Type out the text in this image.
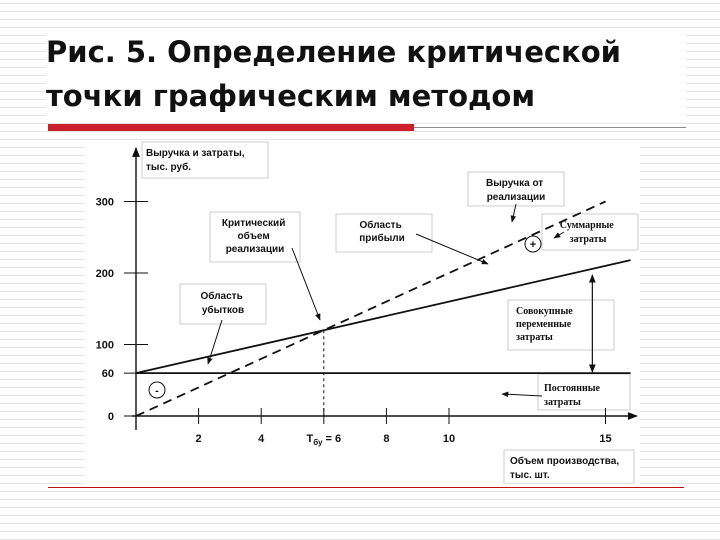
Рис. 5. Определение критической
точки графическим методом
0
60
100
200
300
2	4	$Т_{бу} = 6$	8	10	15
Выручка и затраты, тыс. руб.
Выручка от реализации
Критический объем реализации
Область прибыли
Суммарные затраты
Область убытков	Совокупные переменные затраты
Постоянные затраты
Объем производства, тыс. шт.
+
-
